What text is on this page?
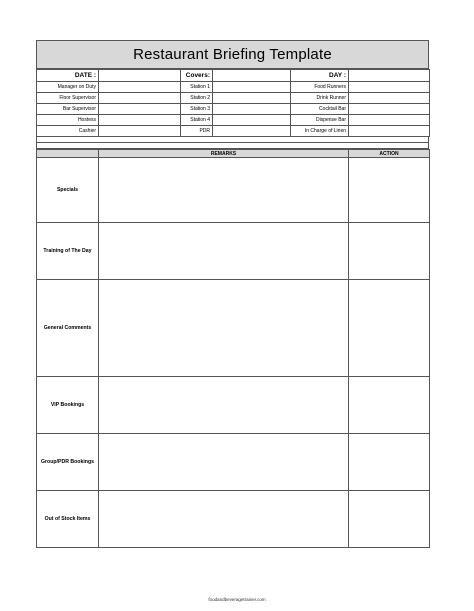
Restaurant Briefing Template
DATE :		Covers:		DAY :	
Manager on Duty		Station 1		Food Runners	
Floor Supervisor		Station 2		Drink Runner	
Bar Supervisor		Station 3		Cocktail Bar	
Hostess		Station 4		Dispense Bar	
Cashier		PDR		In Charge of Linen	
	REMARKS	ACTION
Specials		
Training of The Day		
General Comments		
VIP Bookings		
Group/PDR Bookings		
Out of Stock Items		
foodandbeveragetrainer.com
